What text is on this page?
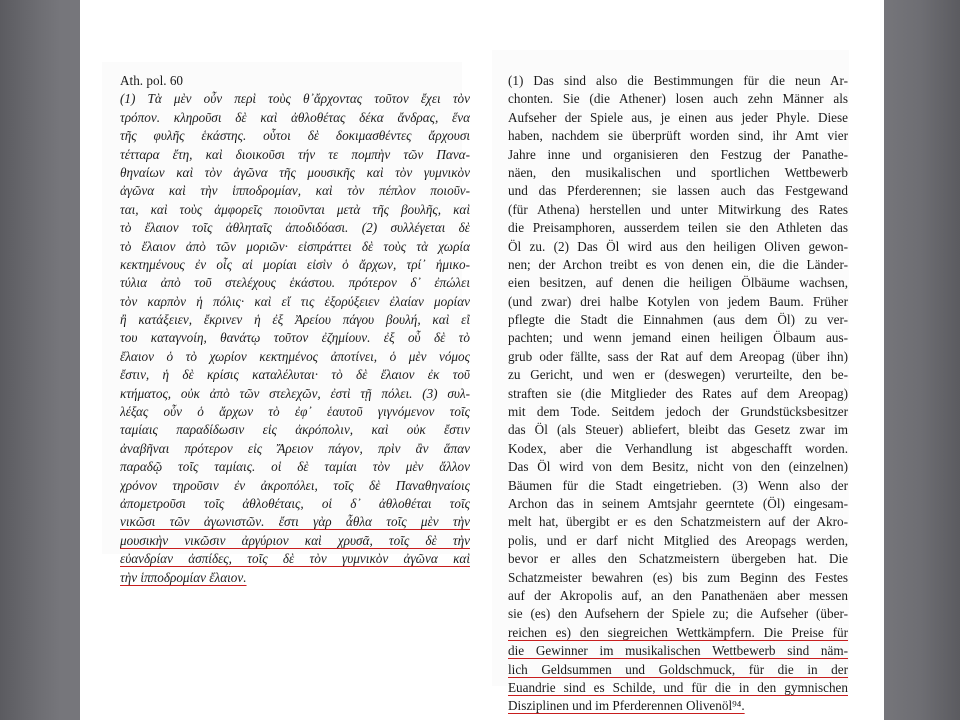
Ath. pol. 60
(1) Τὰ μὲν οὖν περὶ τοὺς θ᾽ἄρχοντας τοῦτον ἔχει τὸν
τρόπον. κληροῦσι δὲ καὶ ἀθλοθέτας δέκα ἄνδρας, ἕνα
τῆς φυλῆς ἑκάστης. οὗτοι δὲ δοκιμασθέντες ἄρχουσι
τέτταρα ἔτη, καὶ διοικοῦσι τήν τε πομπὴν τῶν Πανα-
θηναίων καὶ τὸν ἀγῶνα τῆς μουσικῆς καὶ τὸν γυμνικὸν
ἀγῶνα καὶ τὴν ἱπποδρομίαν, καὶ τὸν πέπλον ποιοῦν-
ται, καὶ τοὺς ἀμφορεῖς ποιοῦνται μετὰ τῆς βουλῆς, καὶ
τὸ ἔλαιον τοῖς ἀθληταῖς ἀποδιδόασι. (2) συλλέγεται δὲ
τὸ ἔλαιον ἀπὸ τῶν μοριῶν· εἰσπράττει δὲ τοὺς τὰ χωρία
κεκτημένους ἐν οἷς αἱ μορίαι εἰσὶν ὁ ἄρχων, τρί᾽ ἡμικο-
τύλια ἀπὸ τοῦ στελέχους ἑκάστου. πρότερον δ᾽ ἐπώλει
τὸν καρπὸν ἡ πόλις· καὶ εἴ τις ἐξορύξειεν ἐλαίαν μορίαν
ἢ κατάξειεν, ἔκρινεν ἡ ἐξ Ἀρείου πάγου βουλή, καὶ εἴ
του καταγνοίη, θανάτῳ τοῦτον ἐζημίουν. ἐξ οὗ δὲ τὸ
ἔλαιον ὁ τὸ χωρίον κεκτημένος ἀποτίνει, ὁ μὲν νόμος
ἔστιν, ἡ δὲ κρίσις καταλέλυται· τὸ δὲ ἔλαιον ἐκ τοῦ
κτήματος, οὐκ ἀπὸ τῶν στελεχῶν, ἐστὶ τῇ πόλει. (3) συλ-
λέξας οὖν ὁ ἄρχων τὸ ἐφ᾽ ἑαυτοῦ γιγνόμενον τοῖς
ταμίαις παραδίδωσιν εἰς ἀκρόπολιν, καὶ οὐκ ἔστιν
ἀναβῆναι πρότερον εἰς Ἄρειον πάγον, πρὶν ἂν ἅπαν
παραδῷ τοῖς ταμίαις. οἱ δὲ ταμίαι τὸν μὲν ἄλλον
χρόνον τηροῦσιν ἐν ἀκροπόλει, τοῖς δὲ Παναθηναίοις
ἀπομετροῦσι τοῖς ἀθλοθέταις, οἱ δ᾽ ἀθλοθέται τοῖς
νικῶσι τῶν ἀγωνιστῶν. ἔστι γὰρ ἆθλα τοῖς μὲν τὴν
μουσικὴν νικῶσιν ἀργύριον καὶ χρυσᾶ, τοῖς δὲ τὴν
εὐανδρίαν ἀσπίδες, τοῖς δὲ τὸν γυμνικὸν ἀγῶνα καὶ
τὴν ἱπποδρομίαν ἔλαιον.
(1) Das sind also die Bestimmungen für die neun Ar-
chonten. Sie (die Athener) losen auch zehn Männer als
Aufseher der Spiele aus, je einen aus jeder Phyle. Diese
haben, nachdem sie überprüft worden sind, ihr Amt vier
Jahre inne und organisieren den Festzug der Panathe-
näen, den musikalischen und sportlichen Wettbewerb
und das Pferderennen; sie lassen auch das Festgewand
(für Athena) herstellen und unter Mitwirkung des Rates
die Preisamphoren, ausserdem teilen sie den Athleten das
Öl zu. (2) Das Öl wird aus den heiligen Oliven gewon-
nen; der Archon treibt es von denen ein, die die Länder-
eien besitzen, auf denen die heiligen Ölbäume wachsen,
(und zwar) drei halbe Kotylen von jedem Baum. Früher
pflegte die Stadt die Einnahmen (aus dem Öl) zu ver-
pachten; und wenn jemand einen heiligen Ölbaum aus-
grub oder fällte, sass der Rat auf dem Areopag (über ihn)
zu Gericht, und wen er (deswegen) verurteilte, den be-
straften sie (die Mitglieder des Rates auf dem Areopag)
mit dem Tode. Seitdem jedoch der Grundstücksbesitzer
das Öl (als Steuer) abliefert, bleibt das Gesetz zwar im
Kodex, aber die Verhandlung ist abgeschafft worden.
Das Öl wird von dem Besitz, nicht von den (einzelnen)
Bäumen für die Stadt eingetrieben. (3) Wenn also der
Archon das in seinem Amtsjahr geerntete (Öl) eingesam-
melt hat, übergibt er es den Schatzmeistern auf der Akro-
polis, und er darf nicht Mitglied des Areopags werden,
bevor er alles den Schatzmeistern übergeben hat. Die
Schatzmeister bewahren (es) bis zum Beginn des Festes
auf der Akropolis auf, an den Panathenäen aber messen
sie (es) den Aufsehern der Spiele zu; die Aufseher (über-
reichen es) den siegreichen Wettkämpfern. Die Preise für
die Gewinner im musikalischen Wettbewerb sind näm-
lich Geldsummen und Goldschmuck, für die in der
Euandrie sind es Schilde, und für die in den gymnischen
Disziplinen und im Pferderennen Olivenöl⁹⁴.
